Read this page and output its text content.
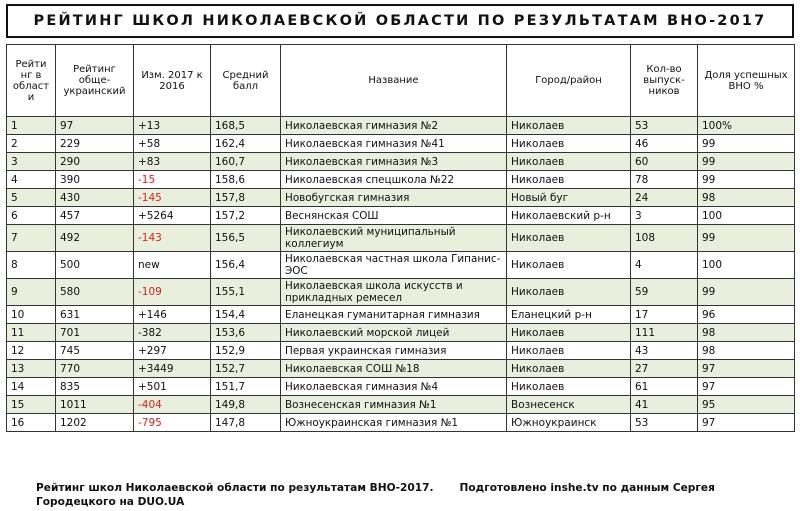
РЕЙТИНГ ШКОЛ НИКОЛАЕВСКОЙ ОБЛАСТИ ПО РЕЗУЛЬТАТАМ ВНО-2017
Рейти нг в област и	Рейтинг обще- украинский	Изм. 2017 к 2016	Средний балл	Название	Город/район	Кол-во выпуск- ников	Доля успешных ВНО %
1	97	+13	168,5	Николаевская гимназия №2	Николаев	53	100%
2	229	+58	162,4	Николаевская гимназия №41	Николаев	46	99
3	290	+83	160,7	Николаевская гимназия №3	Николаев	60	99
4	390	-15	158,6	Николаевская спецшкола №22	Николаев	78	99
5	430	-145	157,8	Новобугская гимназия	Новый буг	24	98
6	457	+5264	157,2	Веснянская СОШ	Николаевский р-н	3	100
7	492	-143	156,5	Николаевский муниципальный коллегиум	Николаев	108	99
8	500	new	156,4	Николаевская частная школа Гипанис-ЭОС	Николаев	4	100
9	580	-109	155,1	Николаевская школа искусств и прикладных ремесел	Николаев	59	99
10	631	+146	154,4	Еланецкая гуманитарная гимназия	Еланецкий р-н	17	96
11	701	-382	153,6	Николаевский морской лицей	Николаев	111	98
12	745	+297	152,9	Первая украинская гимназия	Николаев	43	98
13	770	+3449	152,7	Николаевская СОШ №18	Николаев	27	97
14	835	+501	151,7	Николаевская гимназия №4	Николаев	61	97
15	1011	-404	149,8	Вознесенская гимназия №1	Вознесенск	41	95
16	1202	-795	147,8	Южноукраинская гимназия №1	Южноукраинск	53	97
Рейтинг школ Николаевской области по результатам ВНО-2017. Подготовлено inshe.tv по данным Сергея Городецкого на DUO.UA
